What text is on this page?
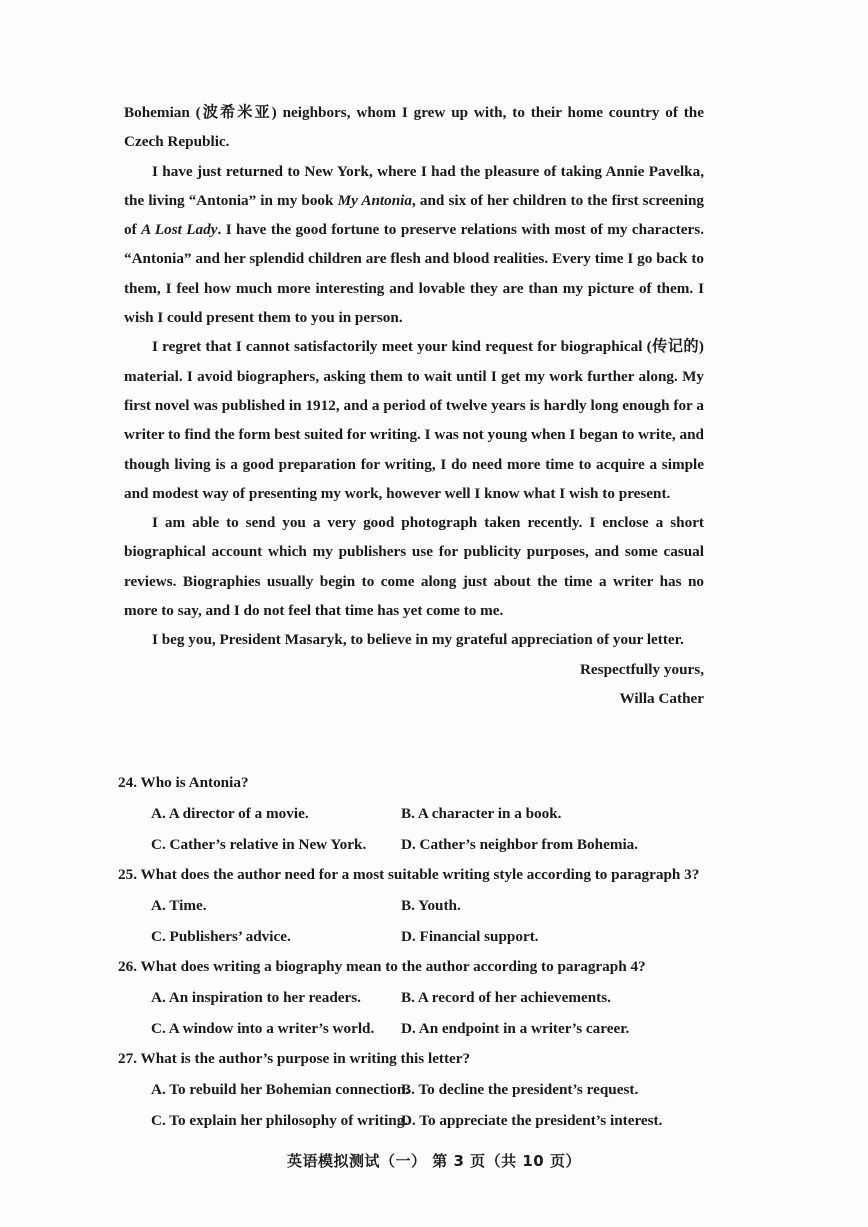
Bohemian (波希米亚) neighbors, whom I grew up with, to their home country of the Czech Republic.

I have just returned to New York, where I had the pleasure of taking Annie Pavelka, the living “Antonia” in my book My Antonia, and six of her children to the first screening of A Lost Lady. I have the good fortune to preserve relations with most of my characters. “Antonia” and her splendid children are flesh and blood realities. Every time I go back to them, I feel how much more interesting and lovable they are than my picture of them. I wish I could present them to you in person.

I regret that I cannot satisfactorily meet your kind request for biographical (传记的) material. I avoid biographers, asking them to wait until I get my work further along. My first novel was published in 1912, and a period of twelve years is hardly long enough for a writer to find the form best suited for writing. I was not young when I began to write, and though living is a good preparation for writing, I do need more time to acquire a simple and modest way of presenting my work, however well I know what I wish to present.

I am able to send you a very good photograph taken recently. I enclose a short biographical account which my publishers use for publicity purposes, and some casual reviews. Biographies usually begin to come along just about the time a writer has no more to say, and I do not feel that time has yet come to me.

I beg you, President Masaryk, to believe in my grateful appreciation of your letter.

Respectfully yours,

Willa Cather

24. Who is Antonia?
A. A director of a movie.	B. A character in a book.
C. Cather’s relative in New York.	D. Cather’s neighbor from Bohemia.
25. What does the author need for a most suitable writing style according to paragraph 3?
A. Time.	B. Youth.
C. Publishers’ advice.	D. Financial support.
26. What does writing a biography mean to the author according to paragraph 4?
A. An inspiration to her readers.	B. A record of her achievements.
C. A window into a writer’s world.	D. An endpoint in a writer’s career.
27. What is the author’s purpose in writing this letter?
A. To rebuild her Bohemian connection.
B. To decline the president’s request.
C. To explain her philosophy of writing.
D. To appreciate the president’s interest.
英语模拟测试（一） 第 3 页（共 10 页）
